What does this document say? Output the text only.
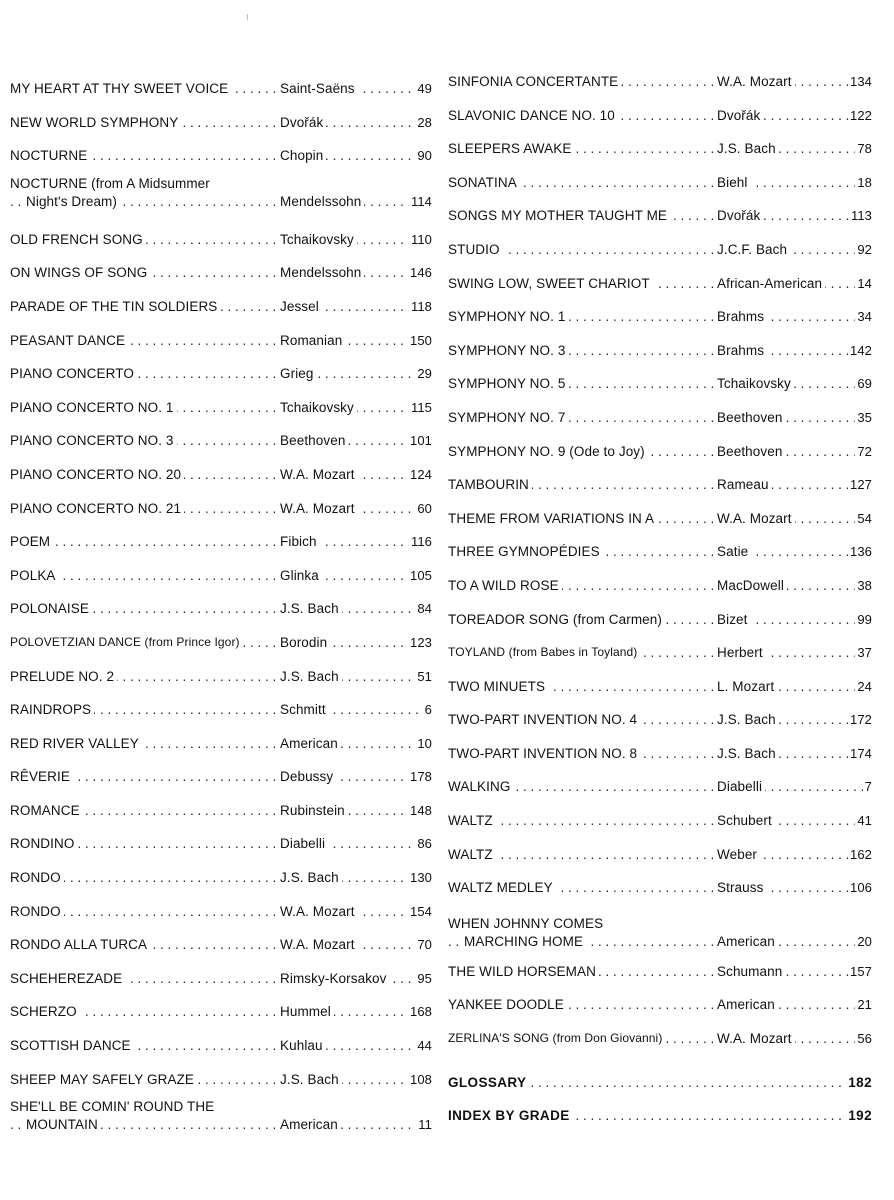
. . .
MY HEART AT THY SWEET VOICE	Saint-Saëns	49
. . .
NEW WORLD SYMPHONY	Dvořák	28
. . .
NOCTURNE	Chopin	90
NOCTURNE (from A Midsummer
. . .
Night's Dream)	Mendelssohn	114
. . .
OLD FRENCH SONG	Tchaikovsky	110
. . .
ON WINGS OF SONG	Mendelssohn	146
. . .
PARADE OF THE TIN SOLDIERS	Jessel	118
. . .
PEASANT DANCE	Romanian	150
. . .
PIANO CONCERTO	Grieg	29
. . .
PIANO CONCERTO NO. 1	Tchaikovsky	115
. . .
PIANO CONCERTO NO. 3	Beethoven	101
. . .
PIANO CONCERTO NO. 20	W.A. Mozart	124
. . .
PIANO CONCERTO NO. 21	W.A. Mozart	60
. . .
POEM	Fibich	116
. . .
POLKA	Glinka	105
. . .
POLONAISE	J.S. Bach	84
. . .
POLOVETZIAN DANCE (from Prince Igor)	Borodin	123
. . .
PRELUDE NO. 2	J.S. Bach	51
. . .
RAINDROPS	Schmitt	6
. . .
RED RIVER VALLEY	American	10
. . .
RÊVERIE	Debussy	178
. . .
ROMANCE	Rubinstein	148
. . .
RONDINO	Diabelli	86
. . .
RONDO	J.S. Bach	130
. . .
RONDO	W.A. Mozart	154
. . .
RONDO ALLA TURCA	W.A. Mozart	70
. . .
SCHEHEREZADE	Rimsky-Korsakov 95
. . .
SCHERZO	Hummel	168
. . .
SCOTTISH DANCE	Kuhlau	44
. . .
SHEEP MAY SAFELY GRAZE	J.S. Bach	108
SHE'LL BE COMIN' ROUND THE
. . .
MOUNTAIN	American	11
. . .
SINFONIA CONCERTANTE	W.A. Mozart	134
. . .
SLAVONIC DANCE NO. 10	Dvořák	122
. . .
SLEEPERS AWAKE	J.S. Bach	78
. . .
SONATINA	Biehl	18
. . .
SONGS MY MOTHER TAUGHT ME	Dvořák	113
. . .
STUDIO	J.C.F. Bach	92
. . .
SWING LOW, SWEET CHARIOT	African-American	14
. . .
SYMPHONY NO. 1	Brahms	34
. . .
SYMPHONY NO. 3	Brahms	142
. . .
SYMPHONY NO. 5	Tchaikovsky	69
. . .
SYMPHONY NO. 7	Beethoven	35
. . .
SYMPHONY NO. 9 (Ode to Joy)	Beethoven	72
. . .
TAMBOURIN	Rameau	127
. . .
THEME FROM VARIATIONS IN A	W.A. Mozart	54
. . .
THREE GYMNOPÉDIES	Satie	136
. . .
TO A WILD ROSE	MacDowell	38
. . .
TOREADOR SONG (from Carmen)	Bizet	99
. . .
TOYLAND (from Babes in Toyland)	Herbert	37
. . .
TWO MINUETS	L. Mozart	24
. . .
TWO-PART INVENTION NO. 4	J.S. Bach	172
. . .
TWO-PART INVENTION NO. 8	J.S. Bach	174
. . .
WALKING	Diabelli	7
. . .
WALTZ	Schubert	41
. . .
WALTZ	Weber	162
. . .
WALTZ MEDLEY	Strauss	106
WHEN JOHNNY COMES
. . .
MARCHING HOME	American	20
. . .
THE WILD HORSEMAN	Schumann	157
. . .
YANKEE DOODLE	American	21
. . .
ZERLINA'S SONG (from Don Giovanni)	W.A. Mozart	56
. . .
GLOSSARY	182
. . .
INDEX BY GRADE	192
